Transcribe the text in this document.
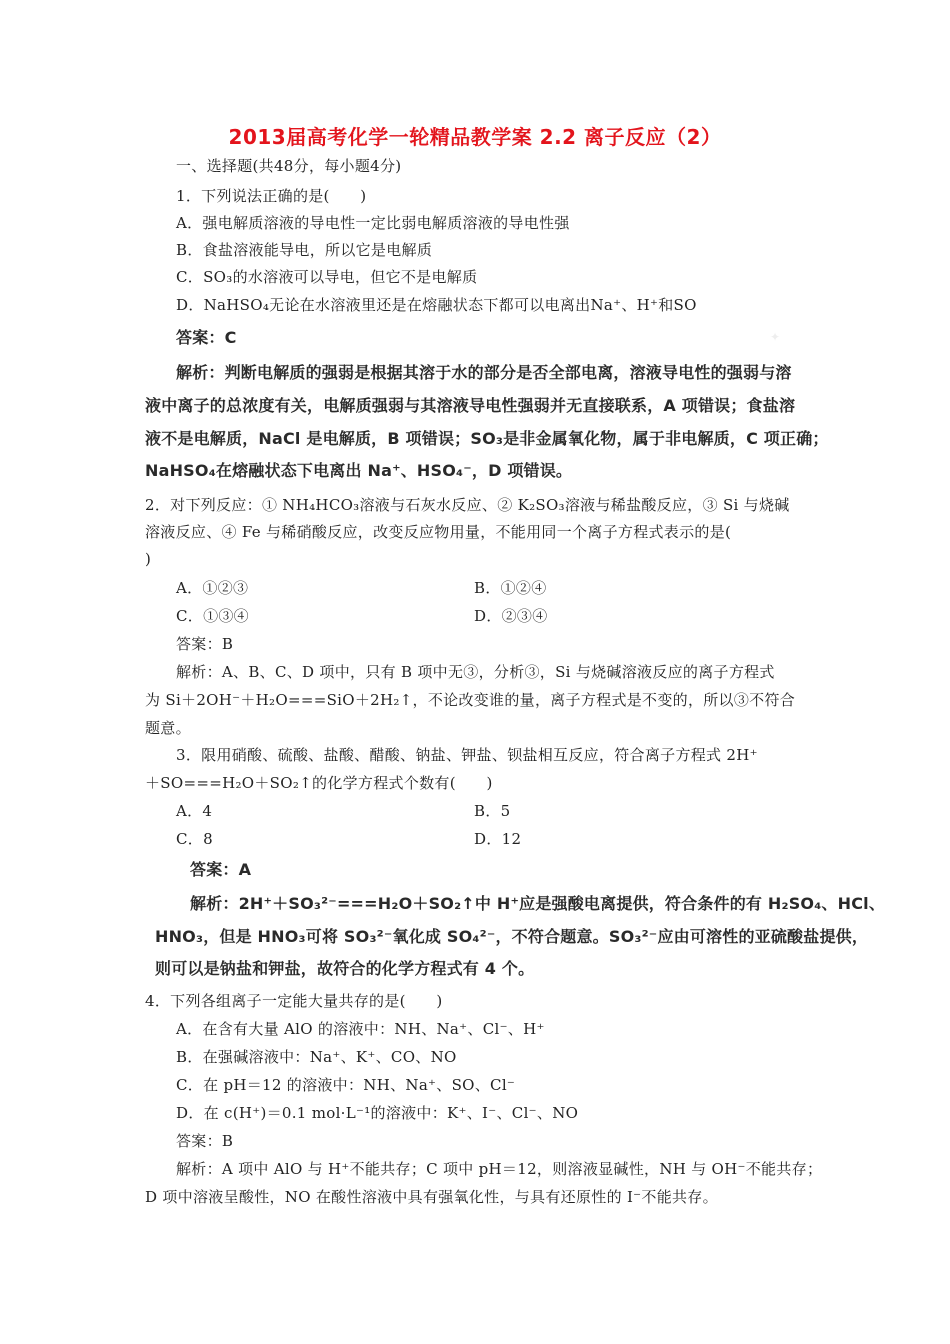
✦
2013届高考化学一轮精品教学案 2.2 离子反应（2）
一、选择题(共48分，每小题4分)
1．下列说法正确的是(　　)
A．强电解质溶液的导电性一定比弱电解质溶液的导电性强
B．食盐溶液能导电，所以它是电解质
C．SO₃的水溶液可以导电，但它不是电解质
D．NaHSO₄无论在水溶液里还是在熔融状态下都可以电离出Na⁺、H⁺和SO
答案：C
解析：判断电解质的强弱是根据其溶于水的部分是否全部电离，溶液导电性的强弱与溶
液中离子的总浓度有关，电解质强弱与其溶液导电性强弱并无直接联系，A 项错误；食盐溶
液不是电解质，NaCl 是电解质，B 项错误；SO₃是非金属氧化物，属于非电解质，C 项正确；
NaHSO₄在熔融状态下电离出 Na⁺、HSO₄⁻，D 项错误。
2．对下列反应：① NH₄HCO₃溶液与石灰水反应、② K₂SO₃溶液与稀盐酸反应，③ Si 与烧碱
溶液反应、④ Fe 与稀硝酸反应，改变反应物用量，不能用同一个离子方程式表示的是(
)
A．①②③	B．①②④
C．①③④	D．②③④
答案：B
解析：A、B、C、D 项中，只有 B 项中无③，分析③，Si 与烧碱溶液反应的离子方程式
为 Si＋2OH⁻＋H₂O===SiO＋2H₂↑，不论改变谁的量，离子方程式是不变的，所以③不符合
题意。
3．限用硝酸、硫酸、盐酸、醋酸、钠盐、钾盐、钡盐相互反应，符合离子方程式 2H⁺
＋SO===H₂O＋SO₂↑的化学方程式个数有(　　)
A．4	B．5
C．8	D．12
答案：A
解析：2H⁺＋SO₃²⁻===H₂O＋SO₂↑中 H⁺应是强酸电离提供，符合条件的有 H₂SO₄、HCl、
HNO₃，但是 HNO₃可将 SO₃²⁻氧化成 SO₄²⁻，不符合题意。SO₃²⁻应由可溶性的亚硫酸盐提供，
则可以是钠盐和钾盐，故符合的化学方程式有 4 个。
4．下列各组离子一定能大量共存的是(　　)
A．在含有大量 AlO 的溶液中：NH、Na⁺、Cl⁻、H⁺
B．在强碱溶液中：Na⁺、K⁺、CO、NO
C．在 pH＝12 的溶液中：NH、Na⁺、SO、Cl⁻
D．在 c(H⁺)＝0.1 mol·L⁻¹的溶液中：K⁺、I⁻、Cl⁻、NO
答案：B
解析：A 项中 AlO 与 H⁺不能共存；C 项中 pH＝12，则溶液显碱性，NH 与 OH⁻不能共存；
D 项中溶液呈酸性，NO 在酸性溶液中具有强氧化性，与具有还原性的 I⁻不能共存。
